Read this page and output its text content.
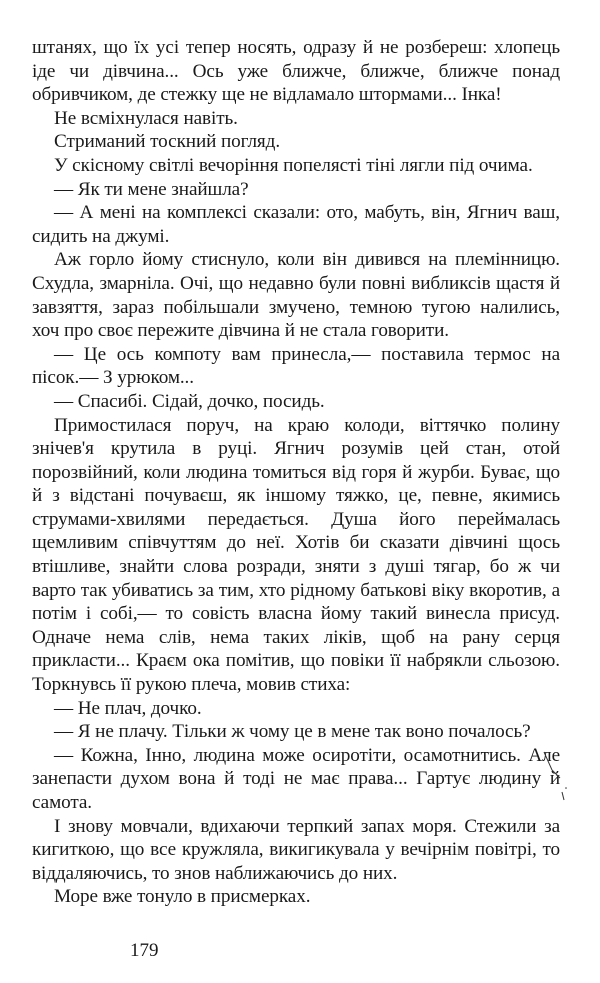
штанях, що їх усі тепер носять, одразу й не розбереш: хлопець іде чи дівчина... Ось уже ближче, ближче, ближче понад обривчиком, де стежку ще не відламало штормами... Інка!

Не всміхнулася навіть.

Стриманий тоскний погляд.

У скісному світлі вечоріння попелясті тіні лягли під очима.

— Як ти мене знайшла?

— А мені на комплексі сказали: ото, мабуть, він, Ягнич ваш, сидить на джумі.

Аж горло йому стиснуло, коли він дивився на племінницю. Схудла, змарніла. Очі, що недавно були повні вибликсів щастя й завзяття, зараз побільшали змучено, темною тугою налились, хоч про своє пережите дівчина й не стала говорити.

— Це ось компоту вам принесла,— поставила термос на пісок.— З урюком...

— Спасибі. Сідай, дочко, посидь.

Примостилася поруч, на краю колоди, віттячко полину знічев'я крутила в руці. Ягнич розумів цей стан, отой порозвійний, коли людина томиться від горя й журби. Буває, що й з відстані почуваєш, як іншому тяжко, це, певне, якимись струмами-хвилями передається. Душа його переймалась щемливим співчуттям до неї. Хотів би сказати дівчині щось втішливе, знайти слова розради, зняти з душі тягар, бо ж чи варто так убиватись за тим, хто рідному батькові віку вкоротив, а потім і собі,— то совість власна йому такий винесла присуд. Одначе нема слів, нема таких ліків, щоб на рану серця прикласти... Краєм ока помітив, що повіки її набрякли сльозою. Торкнувсь її рукою плеча, мовив стиха:

— Не плач, дочко.

— Я не плачу. Тільки ж чому це в мене так воно почалось?

— Кожна, Інно, людина може осиротіти, осамотнитись. Але занепасти духом вона й тоді не має права... Гартує людину й самота.

І знову мовчали, вдихаючи терпкий запах моря. Стежили за кигиткою, що все кружляла, викигикувала у вечірнім повітрі, то віддаляючись, то знов наближаючись до них.

Море вже тонуло в присмерках.

179
